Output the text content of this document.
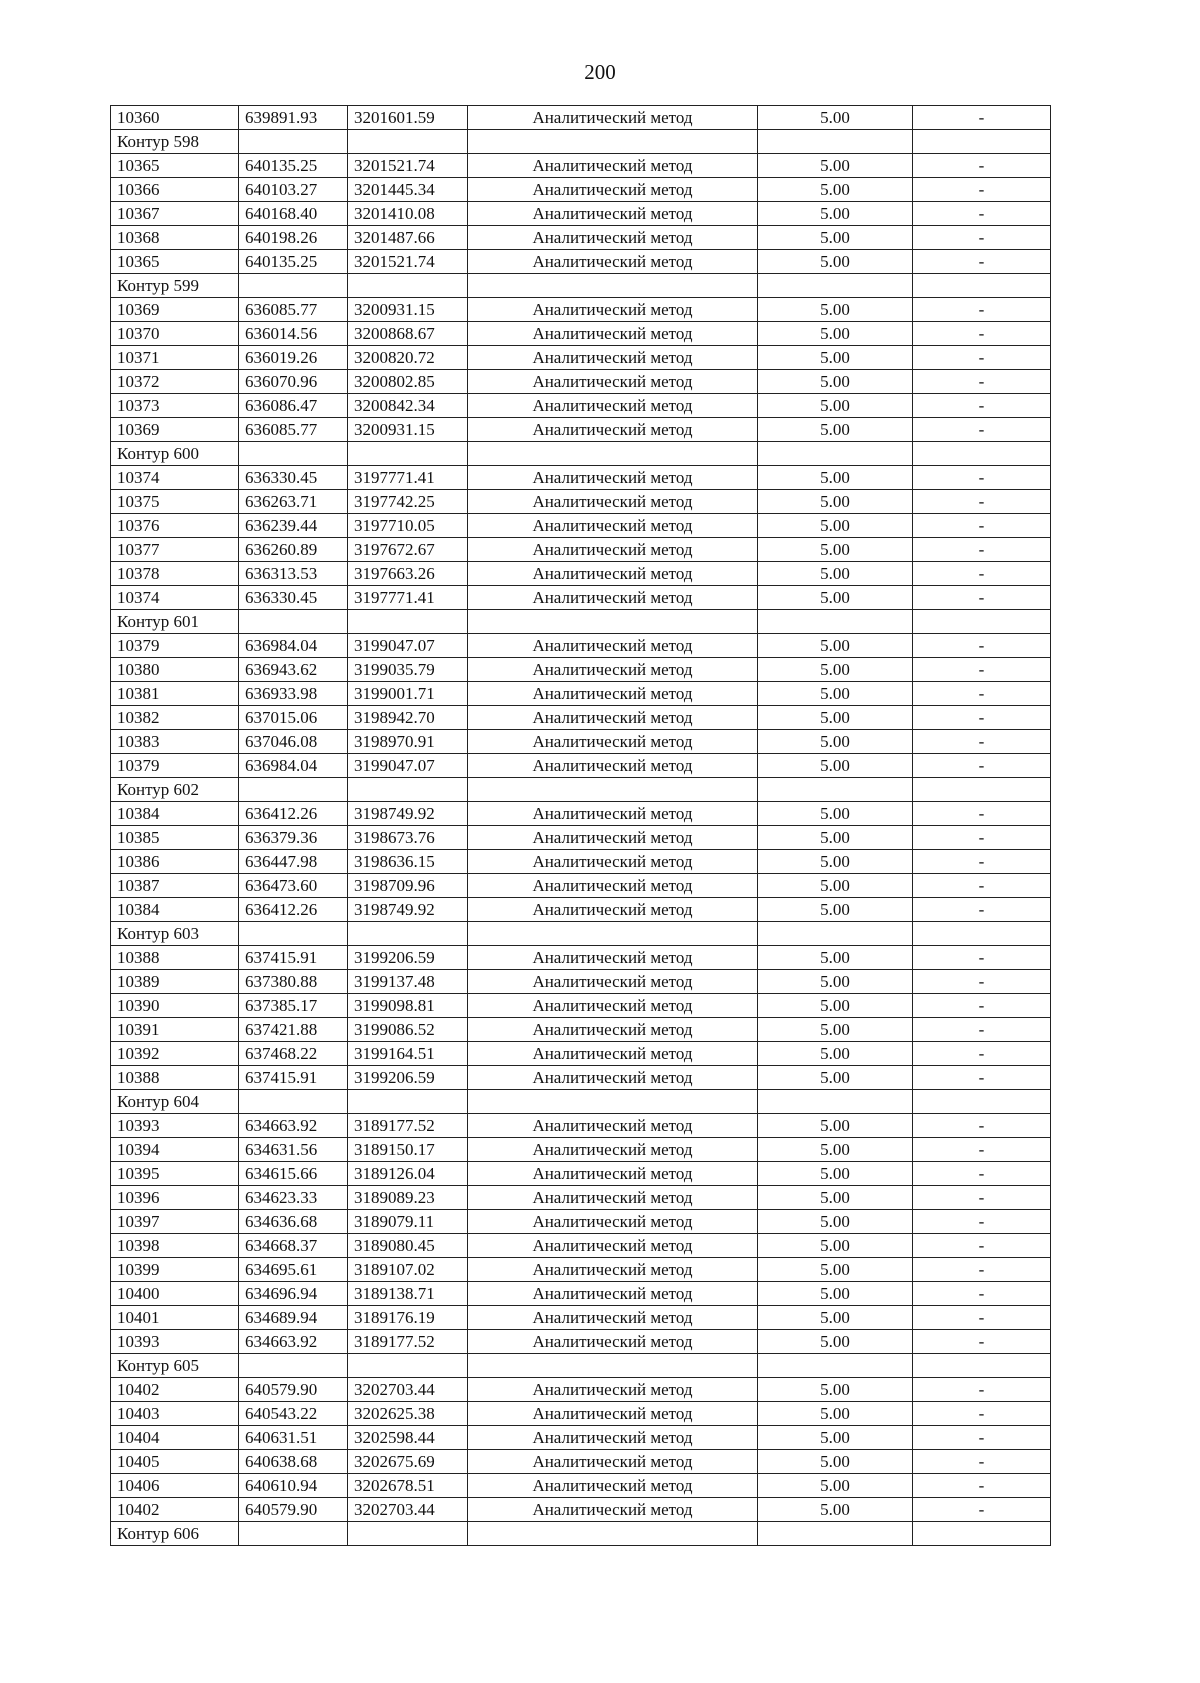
200
10360	639891.93	3201601.59	Аналитический метод	5.00	-
Контур 598					
10365	640135.25	3201521.74	Аналитический метод	5.00	-
10366	640103.27	3201445.34	Аналитический метод	5.00	-
10367	640168.40	3201410.08	Аналитический метод	5.00	-
10368	640198.26	3201487.66	Аналитический метод	5.00	-
10365	640135.25	3201521.74	Аналитический метод	5.00	-
Контур 599					
10369	636085.77	3200931.15	Аналитический метод	5.00	-
10370	636014.56	3200868.67	Аналитический метод	5.00	-
10371	636019.26	3200820.72	Аналитический метод	5.00	-
10372	636070.96	3200802.85	Аналитический метод	5.00	-
10373	636086.47	3200842.34	Аналитический метод	5.00	-
10369	636085.77	3200931.15	Аналитический метод	5.00	-
Контур 600					
10374	636330.45	3197771.41	Аналитический метод	5.00	-
10375	636263.71	3197742.25	Аналитический метод	5.00	-
10376	636239.44	3197710.05	Аналитический метод	5.00	-
10377	636260.89	3197672.67	Аналитический метод	5.00	-
10378	636313.53	3197663.26	Аналитический метод	5.00	-
10374	636330.45	3197771.41	Аналитический метод	5.00	-
Контур 601					
10379	636984.04	3199047.07	Аналитический метод	5.00	-
10380	636943.62	3199035.79	Аналитический метод	5.00	-
10381	636933.98	3199001.71	Аналитический метод	5.00	-
10382	637015.06	3198942.70	Аналитический метод	5.00	-
10383	637046.08	3198970.91	Аналитический метод	5.00	-
10379	636984.04	3199047.07	Аналитический метод	5.00	-
Контур 602					
10384	636412.26	3198749.92	Аналитический метод	5.00	-
10385	636379.36	3198673.76	Аналитический метод	5.00	-
10386	636447.98	3198636.15	Аналитический метод	5.00	-
10387	636473.60	3198709.96	Аналитический метод	5.00	-
10384	636412.26	3198749.92	Аналитический метод	5.00	-
Контур 603					
10388	637415.91	3199206.59	Аналитический метод	5.00	-
10389	637380.88	3199137.48	Аналитический метод	5.00	-
10390	637385.17	3199098.81	Аналитический метод	5.00	-
10391	637421.88	3199086.52	Аналитический метод	5.00	-
10392	637468.22	3199164.51	Аналитический метод	5.00	-
10388	637415.91	3199206.59	Аналитический метод	5.00	-
Контур 604					
10393	634663.92	3189177.52	Аналитический метод	5.00	-
10394	634631.56	3189150.17	Аналитический метод	5.00	-
10395	634615.66	3189126.04	Аналитический метод	5.00	-
10396	634623.33	3189089.23	Аналитический метод	5.00	-
10397	634636.68	3189079.11	Аналитический метод	5.00	-
10398	634668.37	3189080.45	Аналитический метод	5.00	-
10399	634695.61	3189107.02	Аналитический метод	5.00	-
10400	634696.94	3189138.71	Аналитический метод	5.00	-
10401	634689.94	3189176.19	Аналитический метод	5.00	-
10393	634663.92	3189177.52	Аналитический метод	5.00	-
Контур 605					
10402	640579.90	3202703.44	Аналитический метод	5.00	-
10403	640543.22	3202625.38	Аналитический метод	5.00	-
10404	640631.51	3202598.44	Аналитический метод	5.00	-
10405	640638.68	3202675.69	Аналитический метод	5.00	-
10406	640610.94	3202678.51	Аналитический метод	5.00	-
10402	640579.90	3202703.44	Аналитический метод	5.00	-
Контур 606					
